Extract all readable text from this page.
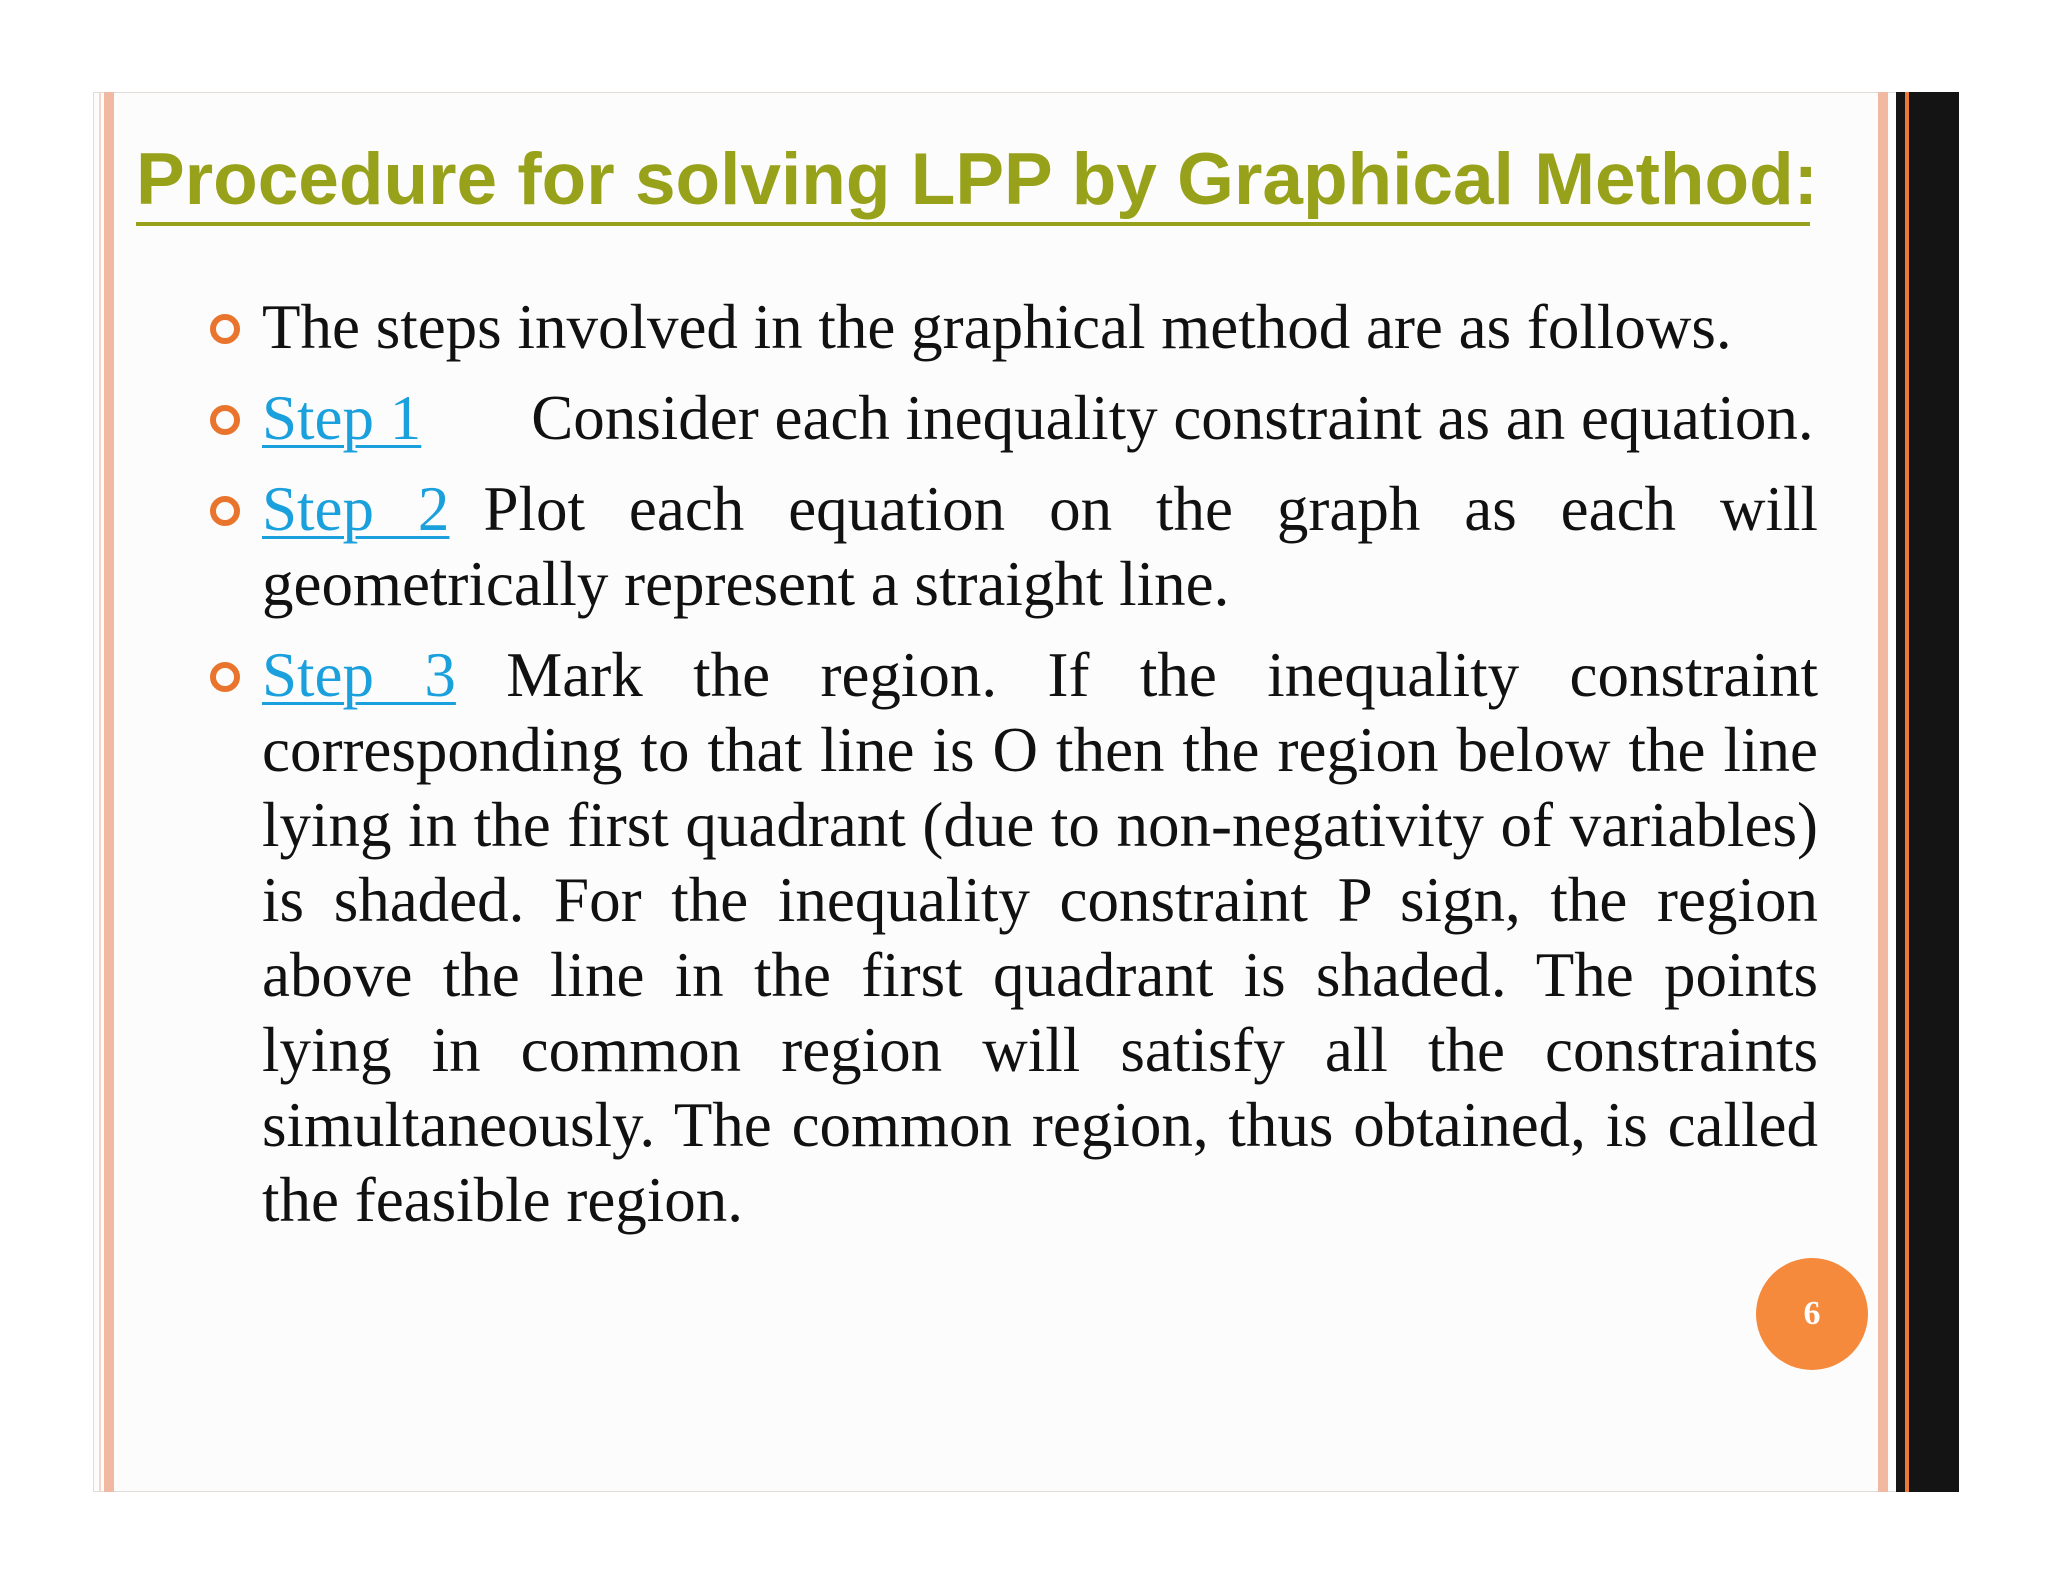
Procedure for solving LPP by Graphical Method:
The steps involved in the graphical method are as follows.
Step 1 Consider each inequality constraint as an equation.
Step 2 Plot each equation on the graph as each will geometrically represent a straight line.
Step 3 Mark the region. If the inequality constraint corresponding to that line is O then the region below the line lying in the first quadrant (due to non-negativity of variables) is shaded. For the inequality constraint P sign, the region above the line in the first quadrant is shaded. The points lying in common region will satisfy all the constraints simultaneously. The common region, thus obtained, is called the feasible region.
6
